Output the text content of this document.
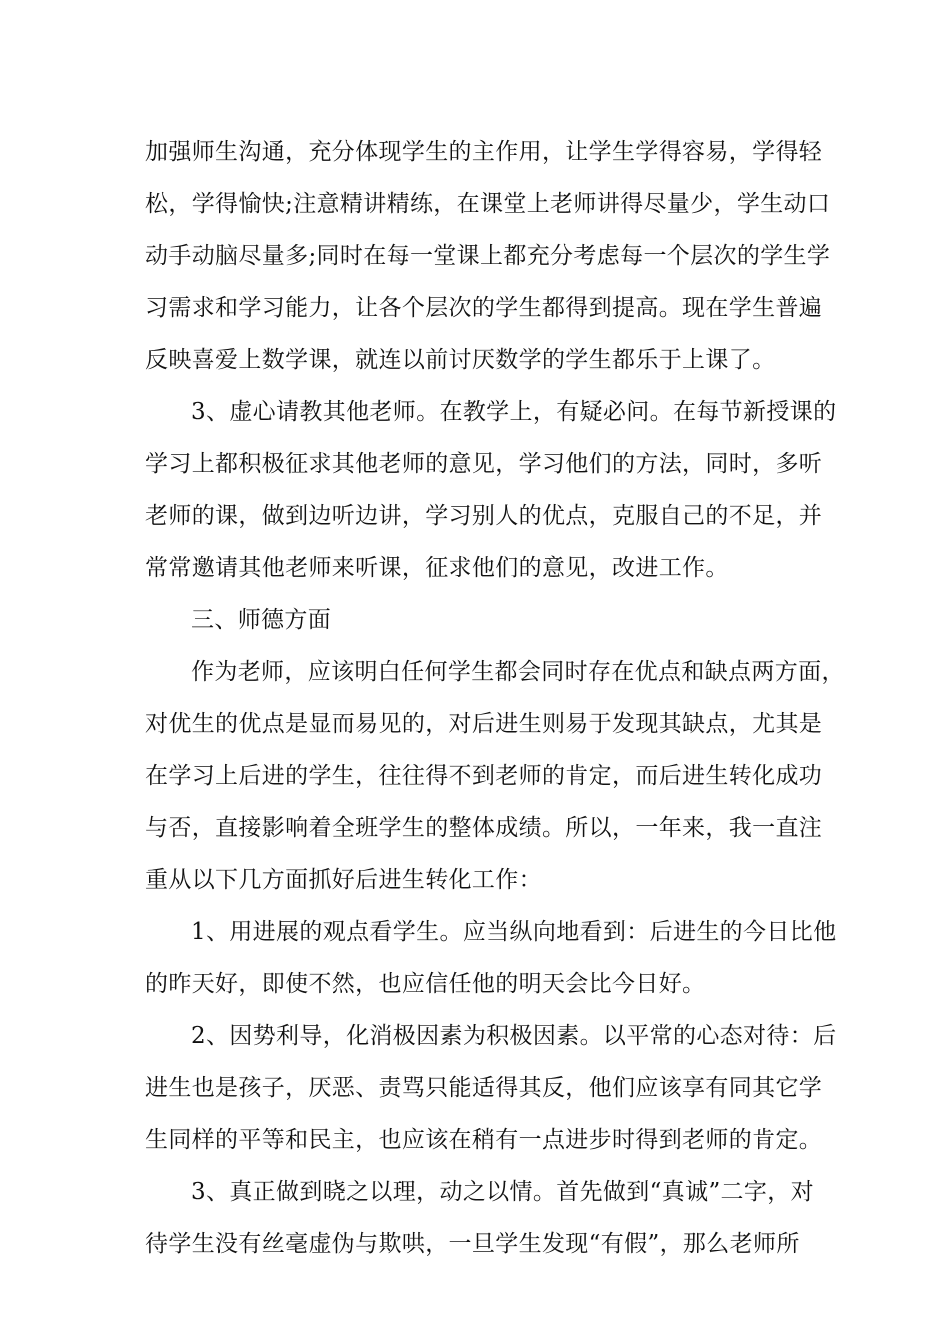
加强师生沟通，充分体现学生的主作用，让学生学得容易，学得轻
松，学得愉快;注意精讲精练，在课堂上老师讲得尽量少，学生动口
动手动脑尽量多;同时在每一堂课上都充分考虑每一个层次的学生学
习需求和学习能力，让各个层次的学生都得到提高。现在学生普遍
反映喜爱上数学课，就连以前讨厌数学的学生都乐于上课了。
3、虚心请教其他老师。在教学上，有疑必问。在每节新授课的
学习上都积极征求其他老师的意见，学习他们的方法，同时，多听
老师的课，做到边听边讲，学习别人的优点，克服自己的不足，并
常常邀请其他老师来听课，征求他们的意见，改进工作。
三、师德方面
作为老师，应该明白任何学生都会同时存在优点和缺点两方面，
对优生的优点是显而易见的，对后进生则易于发现其缺点，尤其是
在学习上后进的学生，往往得不到老师的肯定，而后进生转化成功
与否，直接影响着全班学生的整体成绩。所以，一年来，我一直注
重从以下几方面抓好后进生转化工作：
1、用进展的观点看学生。应当纵向地看到：后进生的今日比他
的昨天好，即使不然，也应信任他的明天会比今日好。
2、因势利导，化消极因素为积极因素。以平常的心态对待：后
进生也是孩子，厌恶、责骂只能适得其反，他们应该享有同其它学
生同样的平等和民主，也应该在稍有一点进步时得到老师的肯定。
3、真正做到晓之以理，动之以情。首先做到“真诚”二字，对
待学生没有丝毫虚伪与欺哄，一旦学生发现“有假”，那么老师所
